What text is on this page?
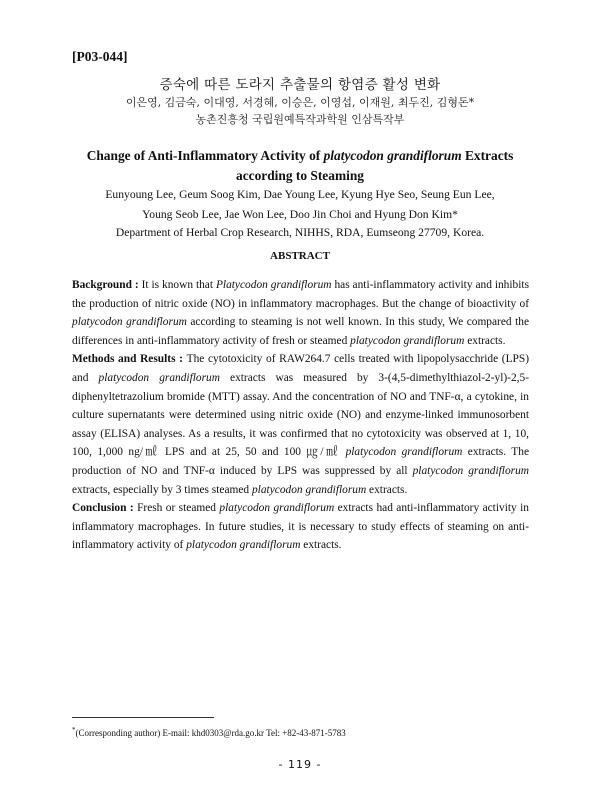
[P03-044]
증숙에 따른 도라지 추출물의 항염증 활성 변화
이은영, 김금숙, 이대영, 서경혜, 이승은, 이영섭, 이재원, 최두진, 김형돈*
농촌진흥청 국립원예특작과학원 인삼특작부
Change of Anti-Inflammatory Activity of platycodon grandiflorum Extracts
according to Steaming
Eunyoung Lee, Geum Soog Kim, Dae Young Lee, Kyung Hye Seo, Seung Eun Lee,
Young Seob Lee, Jae Won Lee, Doo Jin Choi and Hyung Don Kim*
Department of Herbal Crop Research, NIHHS, RDA, Eumseong 27709, Korea.
ABSTRACT

Background : It is known that Platycodon grandiflorum has anti-inflammatory activity and inhibits the production of nitric oxide (NO) in inflammatory macrophages. But the change of bioactivity of platycodon grandiflorum according to steaming is not well known. In this study, We compared the differences in anti-inflammatory activity of fresh or steamed platycodon grandiflorum extracts.

Methods and Results : The cytotoxicity of RAW264.7 cells treated with lipopolysacchride (LPS) and platycodon grandiflorum extracts was measured by 3-(4,5-dimethylthiazol-2-yl)-2,5-diphenyltetrazolium bromide (MTT) assay. And the concentration of NO and TNF-α, a cytokine, in culture supernatants were determined using nitric oxide (NO) and enzyme-linked immunosorbent assay (ELISA) analyses. As a results, it was confirmed that no cytotoxicity was observed at 1, 10, 100, 1,000 ng/㎖ LPS and at 25, 50 and 100 ㎍/㎖ platycodon grandiflorum extracts. The production of NO and TNF-α induced by LPS was suppressed by all platycodon grandiflorum extracts, especially by 3 times steamed platycodon grandiflorum extracts.

Conclusion : Fresh or steamed platycodon grandiflorum extracts had anti-inflammatory activity in inflammatory macrophages. In future studies, it is necessary to study effects of steaming on anti-inflammatory activity of platycodon grandiflorum extracts.

*(Corresponding author) E-mail: khd0303@rda.go.kr Tel: +82-43-871-5783
- 119 -
